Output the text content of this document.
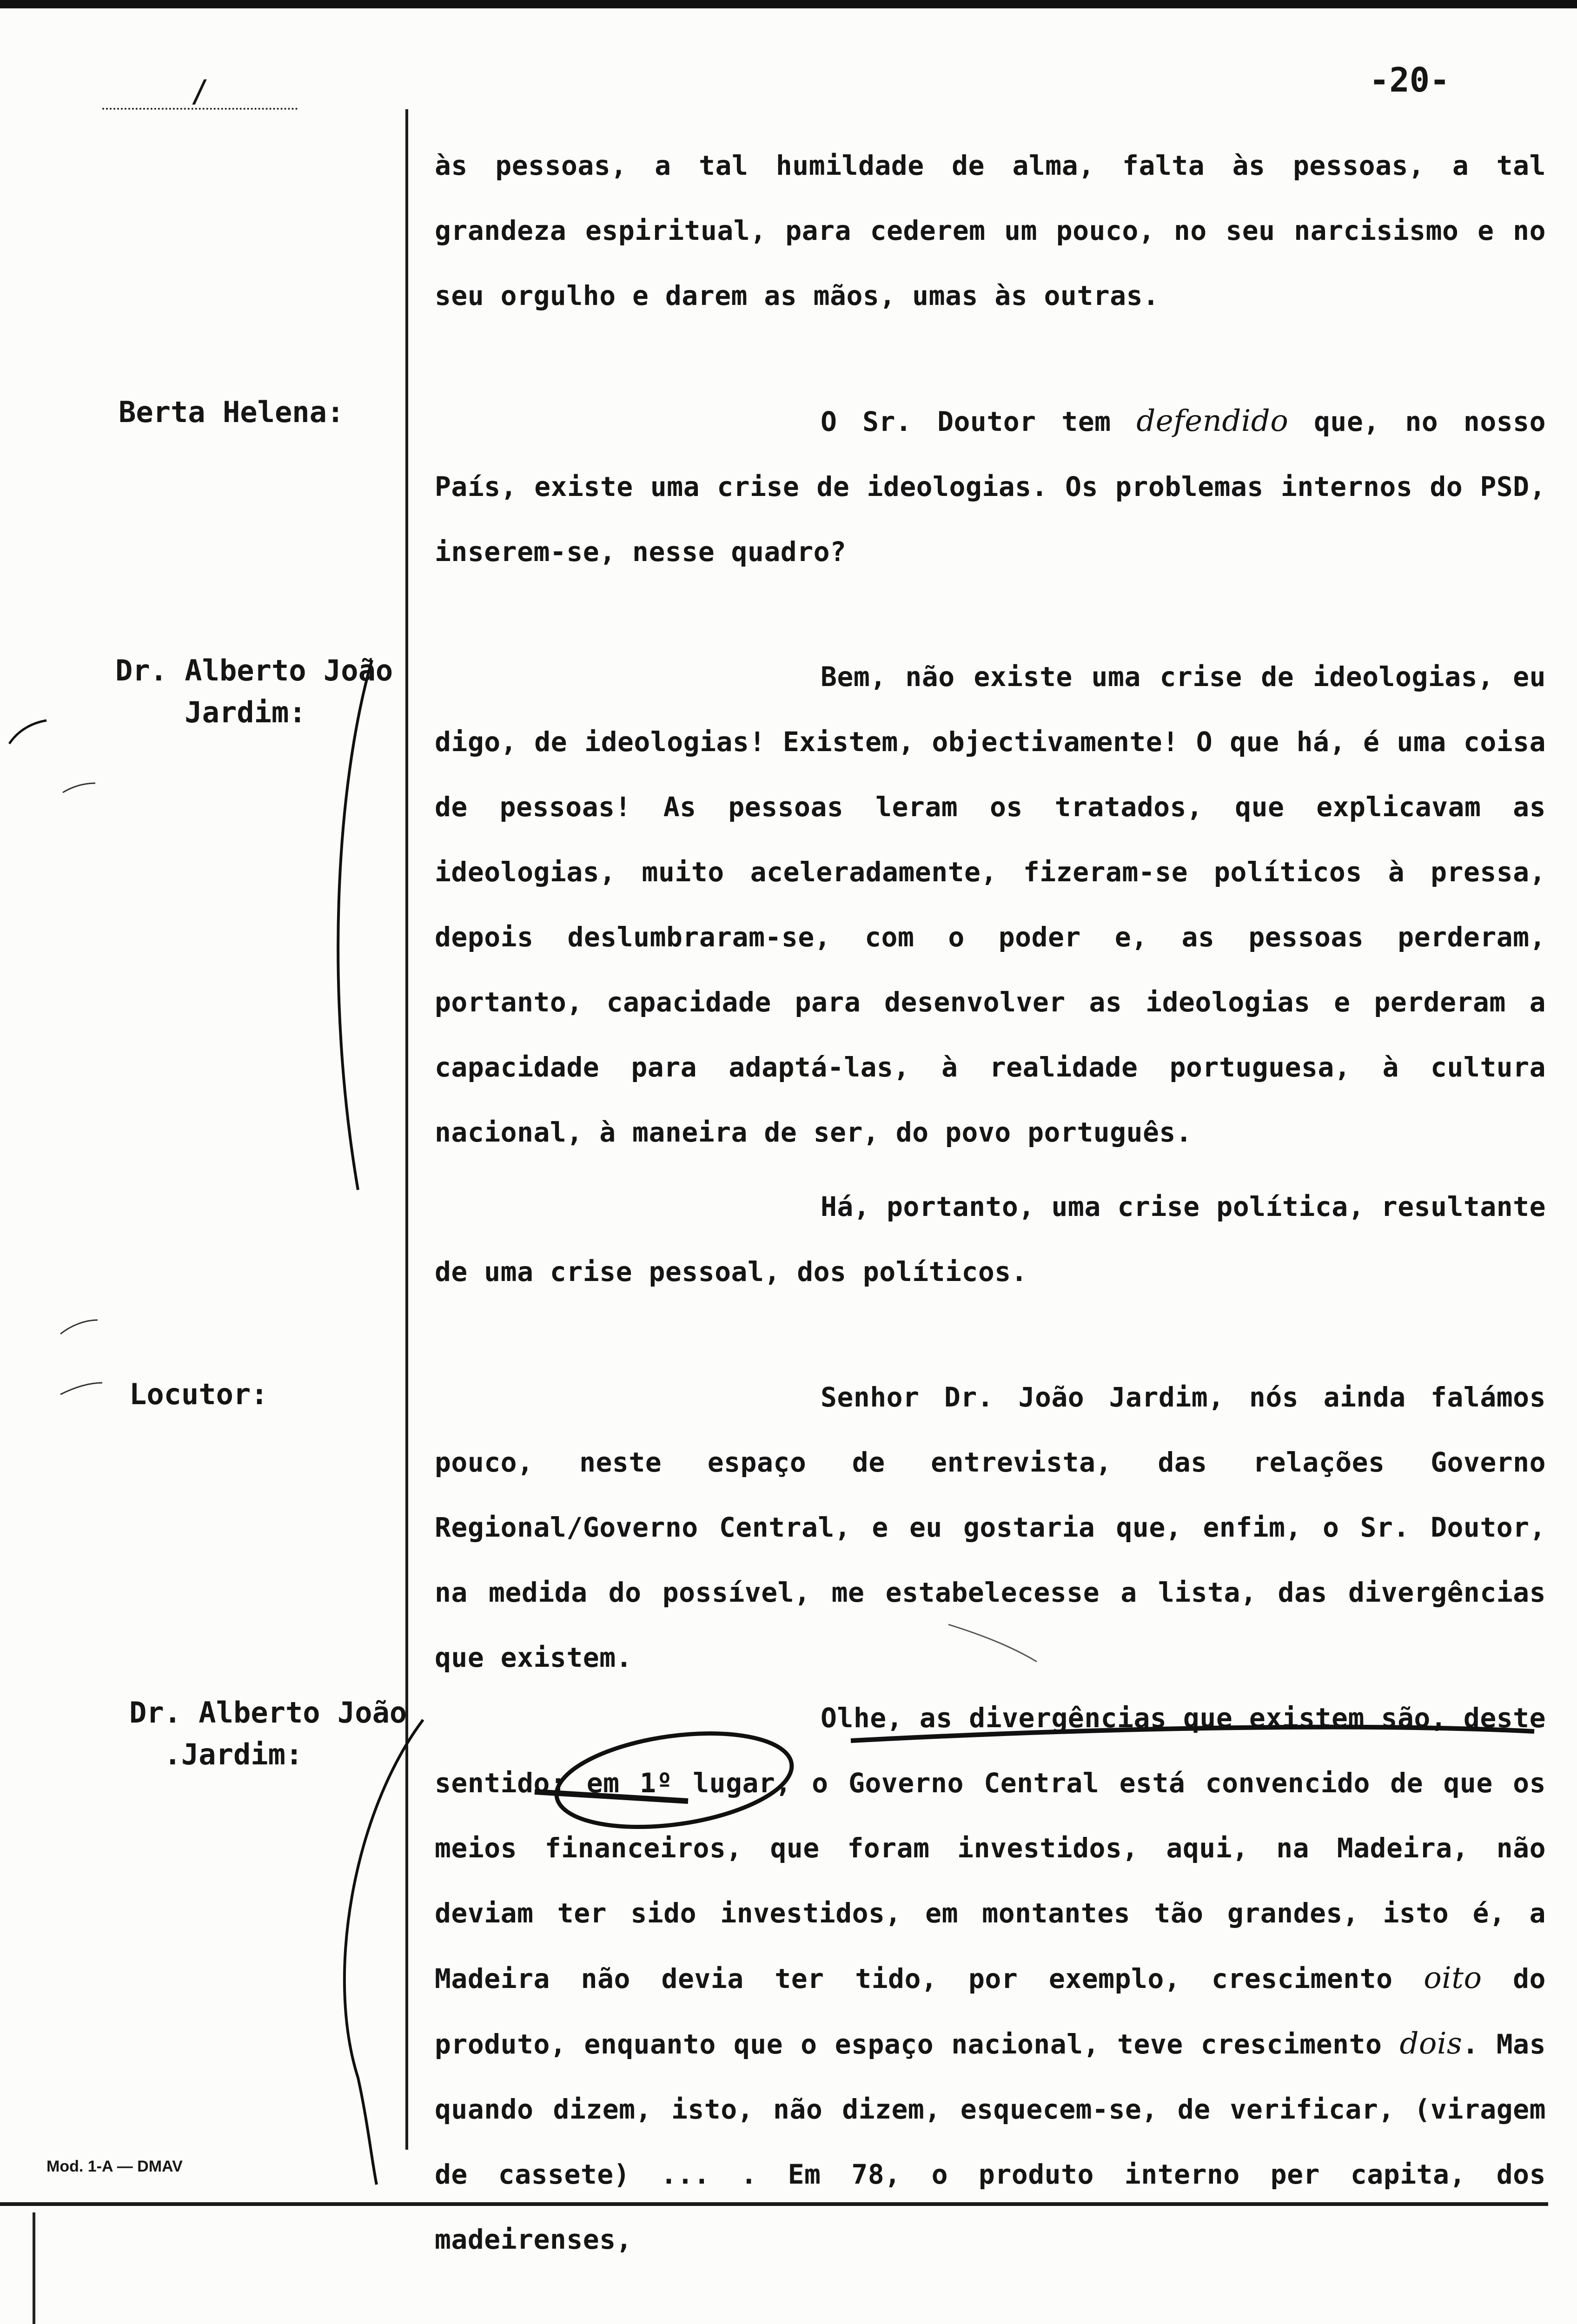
/	-20-
Berta Helena:
Dr. Alberto João
Jardim:
Locutor:
Dr. Alberto João
.Jardim:
às pessoas, a tal humildade de alma, falta às pessoas, a tal grandeza espiritual, para cederem um pouco, no seu narcisismo e no seu orgulho e darem as mãos, umas às outras.
O Sr. Doutor tem defendido que, no nosso País, existe uma crise de ideologias. Os problemas internos do PSD, inserem-se, nesse quadro?
Bem, não existe uma crise de ideologias, eu digo, de ideologias! Existem, objectivamente! O que há, é uma coisa de pessoas! As pessoas leram os tratados, que explicavam as ideologias, muito aceleradamente, fizeram-se políticos à pressa, depois deslumbraram-se, com o poder e, as pessoas perderam, portanto, capacidade para desenvolver as ideologias e perderam a capacidade para adaptá-las, à realidade portuguesa, à cultura nacional, à maneira de ser, do povo português.
Há, portanto, uma crise política, resultante de uma crise pessoal, dos políticos.
Senhor Dr. João Jardim, nós ainda falámos pouco, neste espaço de entrevista, das relações Governo Regional/Governo Central, e eu gostaria que, enfim, o Sr. Doutor, na medida do possível, me estabelecesse a lista, das divergências que existem.
Olhe, as divergências que existem são, deste sentido: em 1º lugar, o Governo Central está convencido de que os meios financeiros, que foram investidos, aqui, na Madeira, não deviam ter sido investidos, em montantes tão grandes, isto é, a Madeira não devia ter tido, por exemplo, crescimento oito do produto, enquanto que o espaço nacional, teve crescimento dois. Mas quando dizem, isto, não dizem, esquecem-se, de verificar, (viragem de cassete) ... . Em 78, o produto interno per capita, dos madeirenses,
Mod. 1-A — DMAV
